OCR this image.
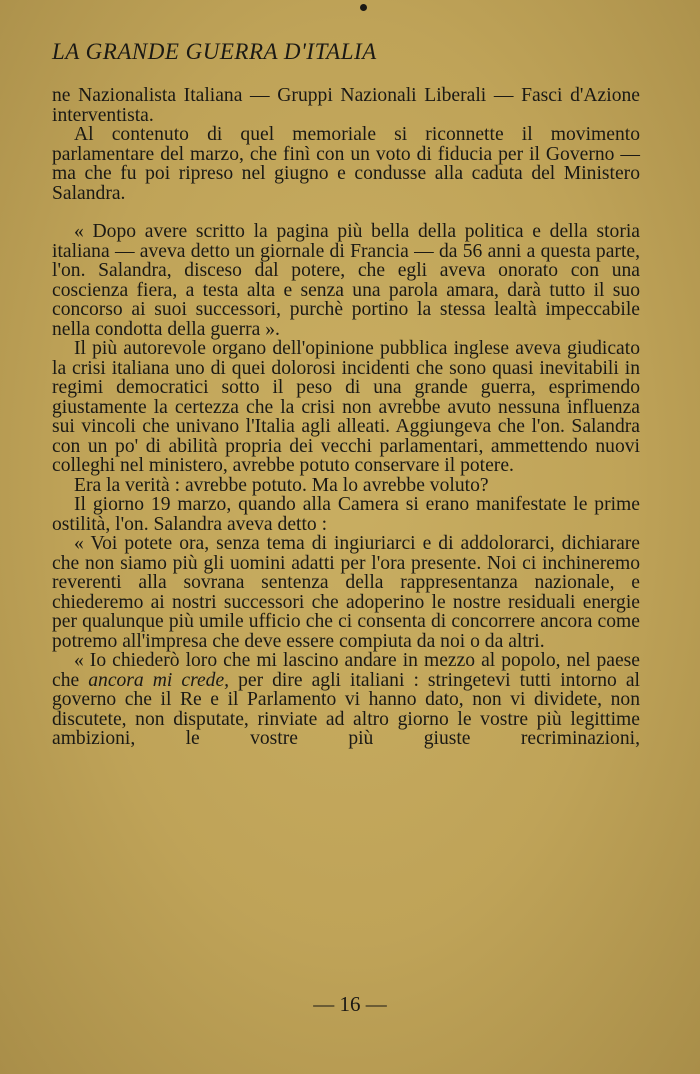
LA GRANDE GUERRA D'ITALIA

ne Nazionalista Italiana — Gruppi Nazionali Liberali — Fasci d'Azione interventista.

Al contenuto di quel memoriale si riconnette il movimento parlamentare del marzo, che finì con un voto di fiducia per il Governo — ma che fu poi ripreso nel giugno e condusse alla caduta del Ministero Salandra.

« Dopo avere scritto la pagina più bella della politica e della storia italiana — aveva detto un giornale di Francia — da 56 anni a questa parte, l'on. Salandra, disceso dal potere, che egli aveva onorato con una coscienza fiera, a testa alta e senza una parola amara, darà tutto il suo concorso ai suoi successori, purchè portino la stessa lealtà impeccabile nella condotta della guerra ».

Il più autorevole organo dell'opinione pubblica inglese aveva giudicato la crisi italiana uno di quei dolorosi incidenti che sono quasi inevitabili in regimi democratici sotto il peso di una grande guerra, esprimendo giustamente la certezza che la crisi non avrebbe avuto nessuna influenza sui vincoli che univano l'Italia agli alleati. Aggiungeva che l'on. Salandra con un po' di abilità propria dei vecchi parlamentari, ammettendo nuovi colleghi nel ministero, avrebbe potuto conservare il potere.

Era la verità : avrebbe potuto. Ma lo avrebbe voluto?

Il giorno 19 marzo, quando alla Camera si erano manifestate le prime ostilità, l'on. Salandra aveva detto :

« Voi potete ora, senza tema di ingiuriarci e di addolorarci, dichiarare che non siamo più gli uomini adatti per l'ora presente. Noi ci inchineremo reverenti alla sovrana sentenza della rappresentanza nazionale, e chiederemo ai nostri successori che adoperino le nostre residuali energie per qualunque più umile ufficio che ci consenta di concorrere ancora come potremo all'impresa che deve essere compiuta da noi o da altri.

« Io chiederò loro che mi lascino andare in mezzo al popolo, nel paese che ancora mi crede, per dire agli italiani : stringetevi tutti intorno al governo che il Re e il Parlamento vi hanno dato, non vi dividete, non discutete, non disputate, rinviate ad altro giorno le vostre più legittime ambizioni, le vostre più giuste recriminazioni,

— 16 —
